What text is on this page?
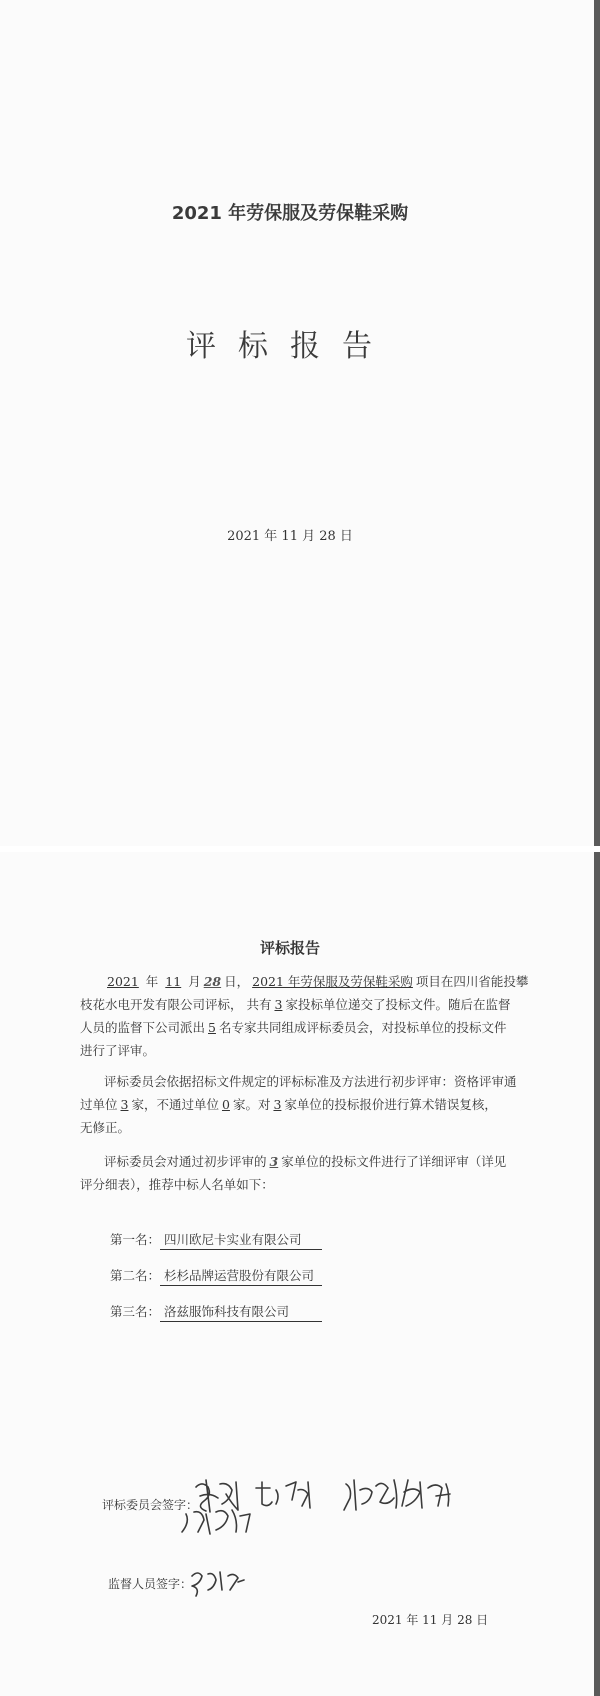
2021 年劳保服及劳保鞋采购
评标报告
2021 年 11 月 28 日
评标报告
2021 年 11 月 28 日， 2021 年劳保服及劳保鞋采购 项目在四川省能投攀
枝花水电开发有限公司评标， 共有 3 家投标单位递交了投标文件。随后在监督
人员的监督下公司派出 5 名专家共同组成评标委员会，对投标单位的投标文件
进行了评审。
评标委员会依据招标文件规定的评标标准及方法进行初步评审：资格评审通
过单位 3 家，不通过单位 0 家。对 3 家单位的投标报价进行算术错误复核，
无修正。
评标委员会对通过初步评审的 3 家单位的投标文件进行了详细评审（详见
评分细表），推荐中标人名单如下：
第一名： 四川欧尼卡实业有限公司
第二名： 杉杉品牌运营股份有限公司
第三名： 洛兹服饰科技有限公司
评标委员会签字：
监督人员签字：
2021 年 11 月 28 日
